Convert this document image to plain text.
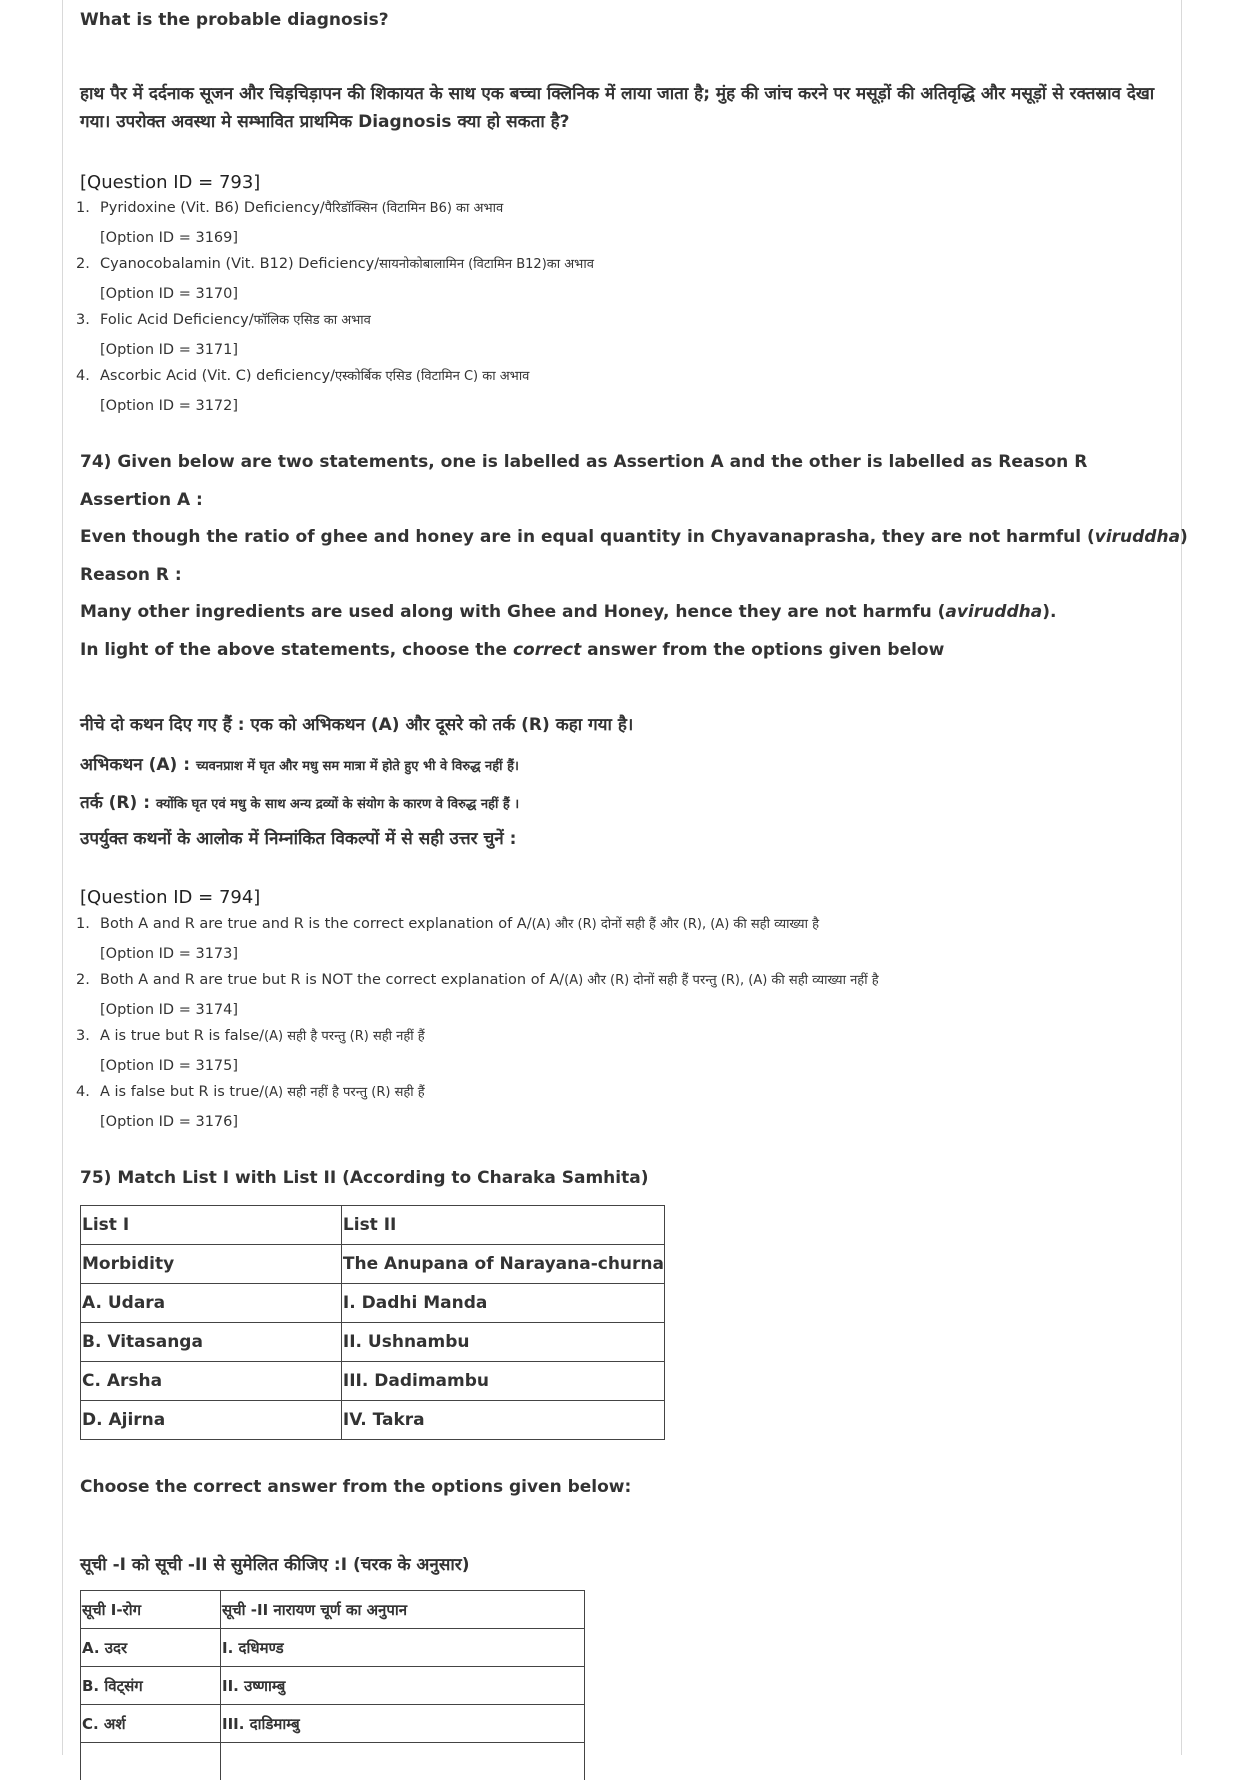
What is the probable diagnosis?
हाथ पैर में दर्दनाक सूजन और चिड़चिड़ापन की शिकायत के साथ एक बच्चा क्लिनिक में लाया जाता है; मुंह की जांच करने पर मसूड़ों की अतिवृद्धि और मसूड़ों से रक्तस्राव देखा गया। उपरोक्त अवस्था मे सम्भावित प्राथमिक Diagnosis क्या हो सकता है?
[Question ID = 793]
1. Pyridoxine (Vit. B6) Deficiency/पैरिडॉक्सिन (विटामिन B6) का अभाव
[Option ID = 3169]
2. Cyanocobalamin (Vit. B12) Deficiency/सायनोकोबालामिन (विटामिन B12)का अभाव
[Option ID = 3170]
3. Folic Acid Deficiency/फॉलिक एसिड का अभाव
[Option ID = 3171]
4. Ascorbic Acid (Vit. C) deficiency/एस्कोर्बिक एसिड (विटामिन C) का अभाव
[Option ID = 3172]
74) Given below are two statements, one is labelled as Assertion A and the other is labelled as Reason R
Assertion A :
Even though the ratio of ghee and honey are in equal quantity in Chyavanaprasha, they are not harmful (viruddha)
Reason R :
Many other ingredients are used along with Ghee and Honey, hence they are not harmfu (aviruddha).
In light of the above statements, choose the correct answer from the options given below
नीचे दो कथन दिए गए हैं : एक को अभिकथन (A) और दूसरे को तर्क (R) कहा गया है।
अभिकथन (A) : च्यवनप्राश में घृत और मधु सम मात्रा में होते हुए भी वे विरुद्ध नहीं हैं।
तर्क (R) : क्योंकि घृत एवं मधु के साथ अन्य द्रव्यों के संयोग के कारण वे विरुद्ध नहीं हैं ।
उपर्युक्त कथनों के आलोक में निम्नांकित विकल्पों में से सही उत्तर चुनें :
[Question ID = 794]
1. Both A and R are true and R is the correct explanation of A/(A) और (R) दोनों सही हैं और (R), (A) की सही व्याख्या है
[Option ID = 3173]
2. Both A and R are true but R is NOT the correct explanation of A/(A) और (R) दोनों सही हैं परन्तु (R), (A) की सही व्याख्या नहीं है
[Option ID = 3174]
3. A is true but R is false/(A) सही है परन्तु (R) सही नहीं हैं
[Option ID = 3175]
4. A is false but R is true/(A) सही नहीं है परन्तु (R) सही हैं
[Option ID = 3176]
75) Match List I with List II (According to Charaka Samhita)
List I	List II
Morbidity	The Anupana of Narayana-churna
A. Udara	I. Dadhi Manda
B. Vitasanga	II. Ushnambu
C. Arsha	III. Dadimambu
D. Ajirna	IV. Takra
Choose the correct answer from the options given below:
सूची -I को सूची -II से सुमेलित कीजिए :I (चरक के अनुसार)
सूची I-रोग	सूची -II नारायण चूर्ण का अनुपान
A. उदर	I. दधिमण्ड
B. विट्संग	II. उष्णाम्बु
C. अर्श	III. दाडिमाम्बु
